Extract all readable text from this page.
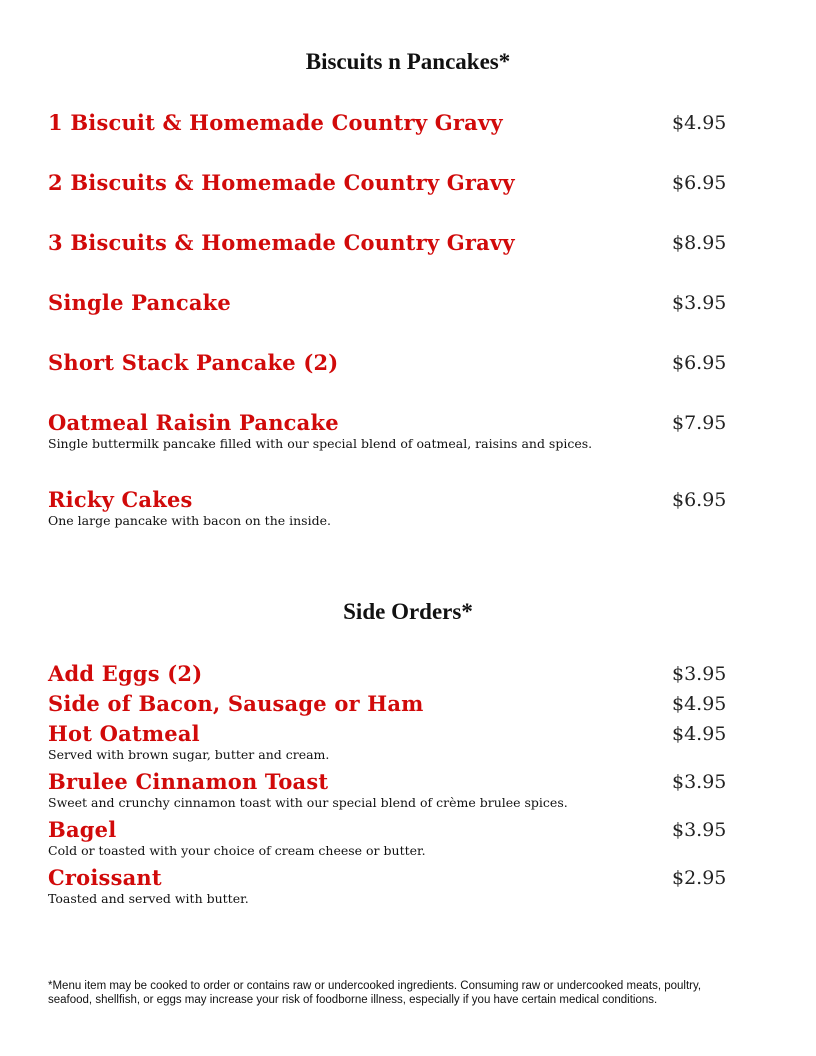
Biscuits n Pancakes*
1 Biscuit & Homemade Country Gravy	$4.95
2 Biscuits & Homemade Country Gravy	$6.95
3 Biscuits & Homemade Country Gravy	$8.95
Single Pancake	$3.95
Short Stack Pancake (2)	$6.95
Oatmeal Raisin Pancake	$7.95
Single buttermilk pancake filled with our special blend of oatmeal, raisins and spices.
Ricky Cakes	$6.95
One large pancake with bacon on the inside.
Side Orders*
Add Eggs (2)	$3.95
Side of Bacon, Sausage or Ham	$4.95
Hot Oatmeal	$4.95
Served with brown sugar, butter and cream.
Brulee Cinnamon Toast	$3.95
Sweet and crunchy cinnamon toast with our special blend of crème brulee spices.
Bagel	$3.95
Cold or toasted with your choice of cream cheese or butter.
Croissant	$2.95
Toasted and served with butter.
*Menu item may be cooked to order or contains raw or undercooked ingredients. Consuming raw or undercooked meats, poultry, seafood, shellfish, or eggs may increase your risk of foodborne illness, especially if you have certain medical conditions.
